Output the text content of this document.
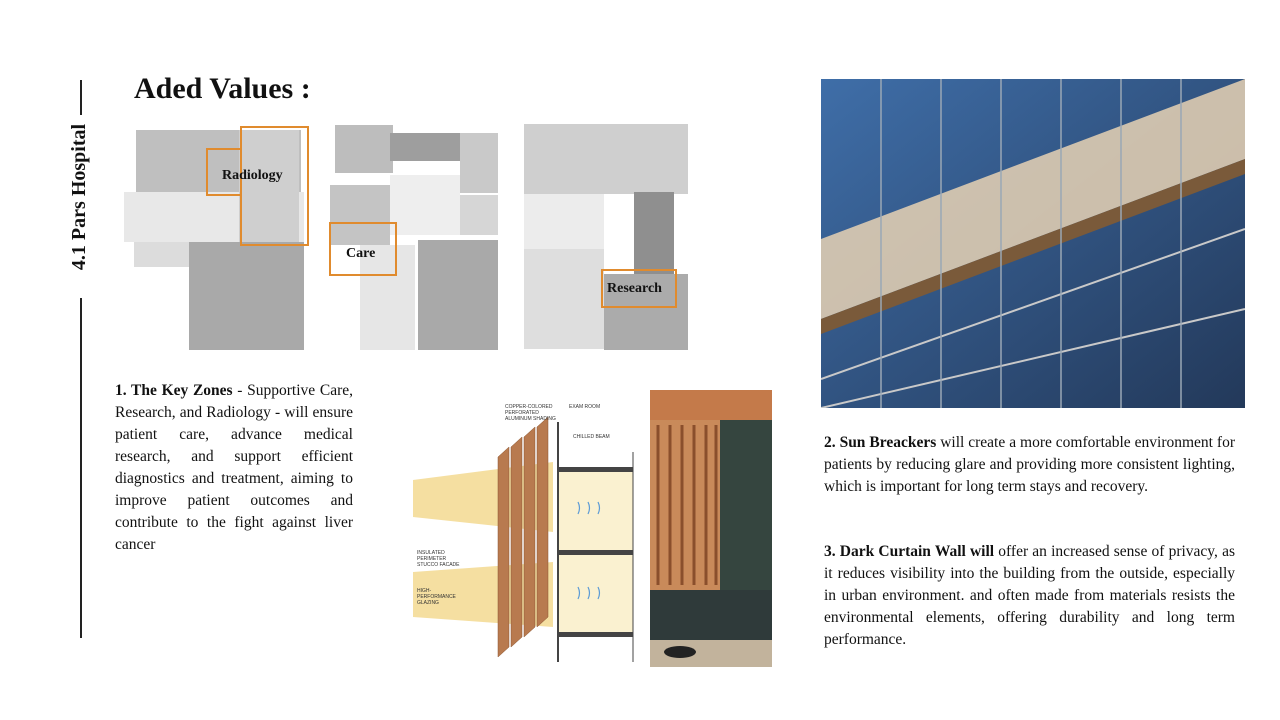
4.1 Pars Hospital
Aded Values :
Radiology
Care
Research
1. The Key Zones - Supportive Care, Research, and Radiology - will ensure patient care, advance medical research, and support efficient diagnostics and treatment, aiming to improve patient outcomes and contribute to the fight against liver cancer
COPPER-COLORED PERFORATED ALUMINUM SHADING
EXAM ROOM
CHILLED BEAM
INSULATED PERIMETER STUCCO FACADE
HIGH-PERFORMANCE GLAZING
2. Sun Breackers will create a more comfortable environment for patients by reducing glare and providing more consistent lighting, which is important for long term stays and recovery.
3. Dark Curtain Wall will offer an increased sense of privacy, as it reduces visibility into the building from the outside, especially in urban environment. and often made from materials resists the environmental elements, offering durability and long term performance.
